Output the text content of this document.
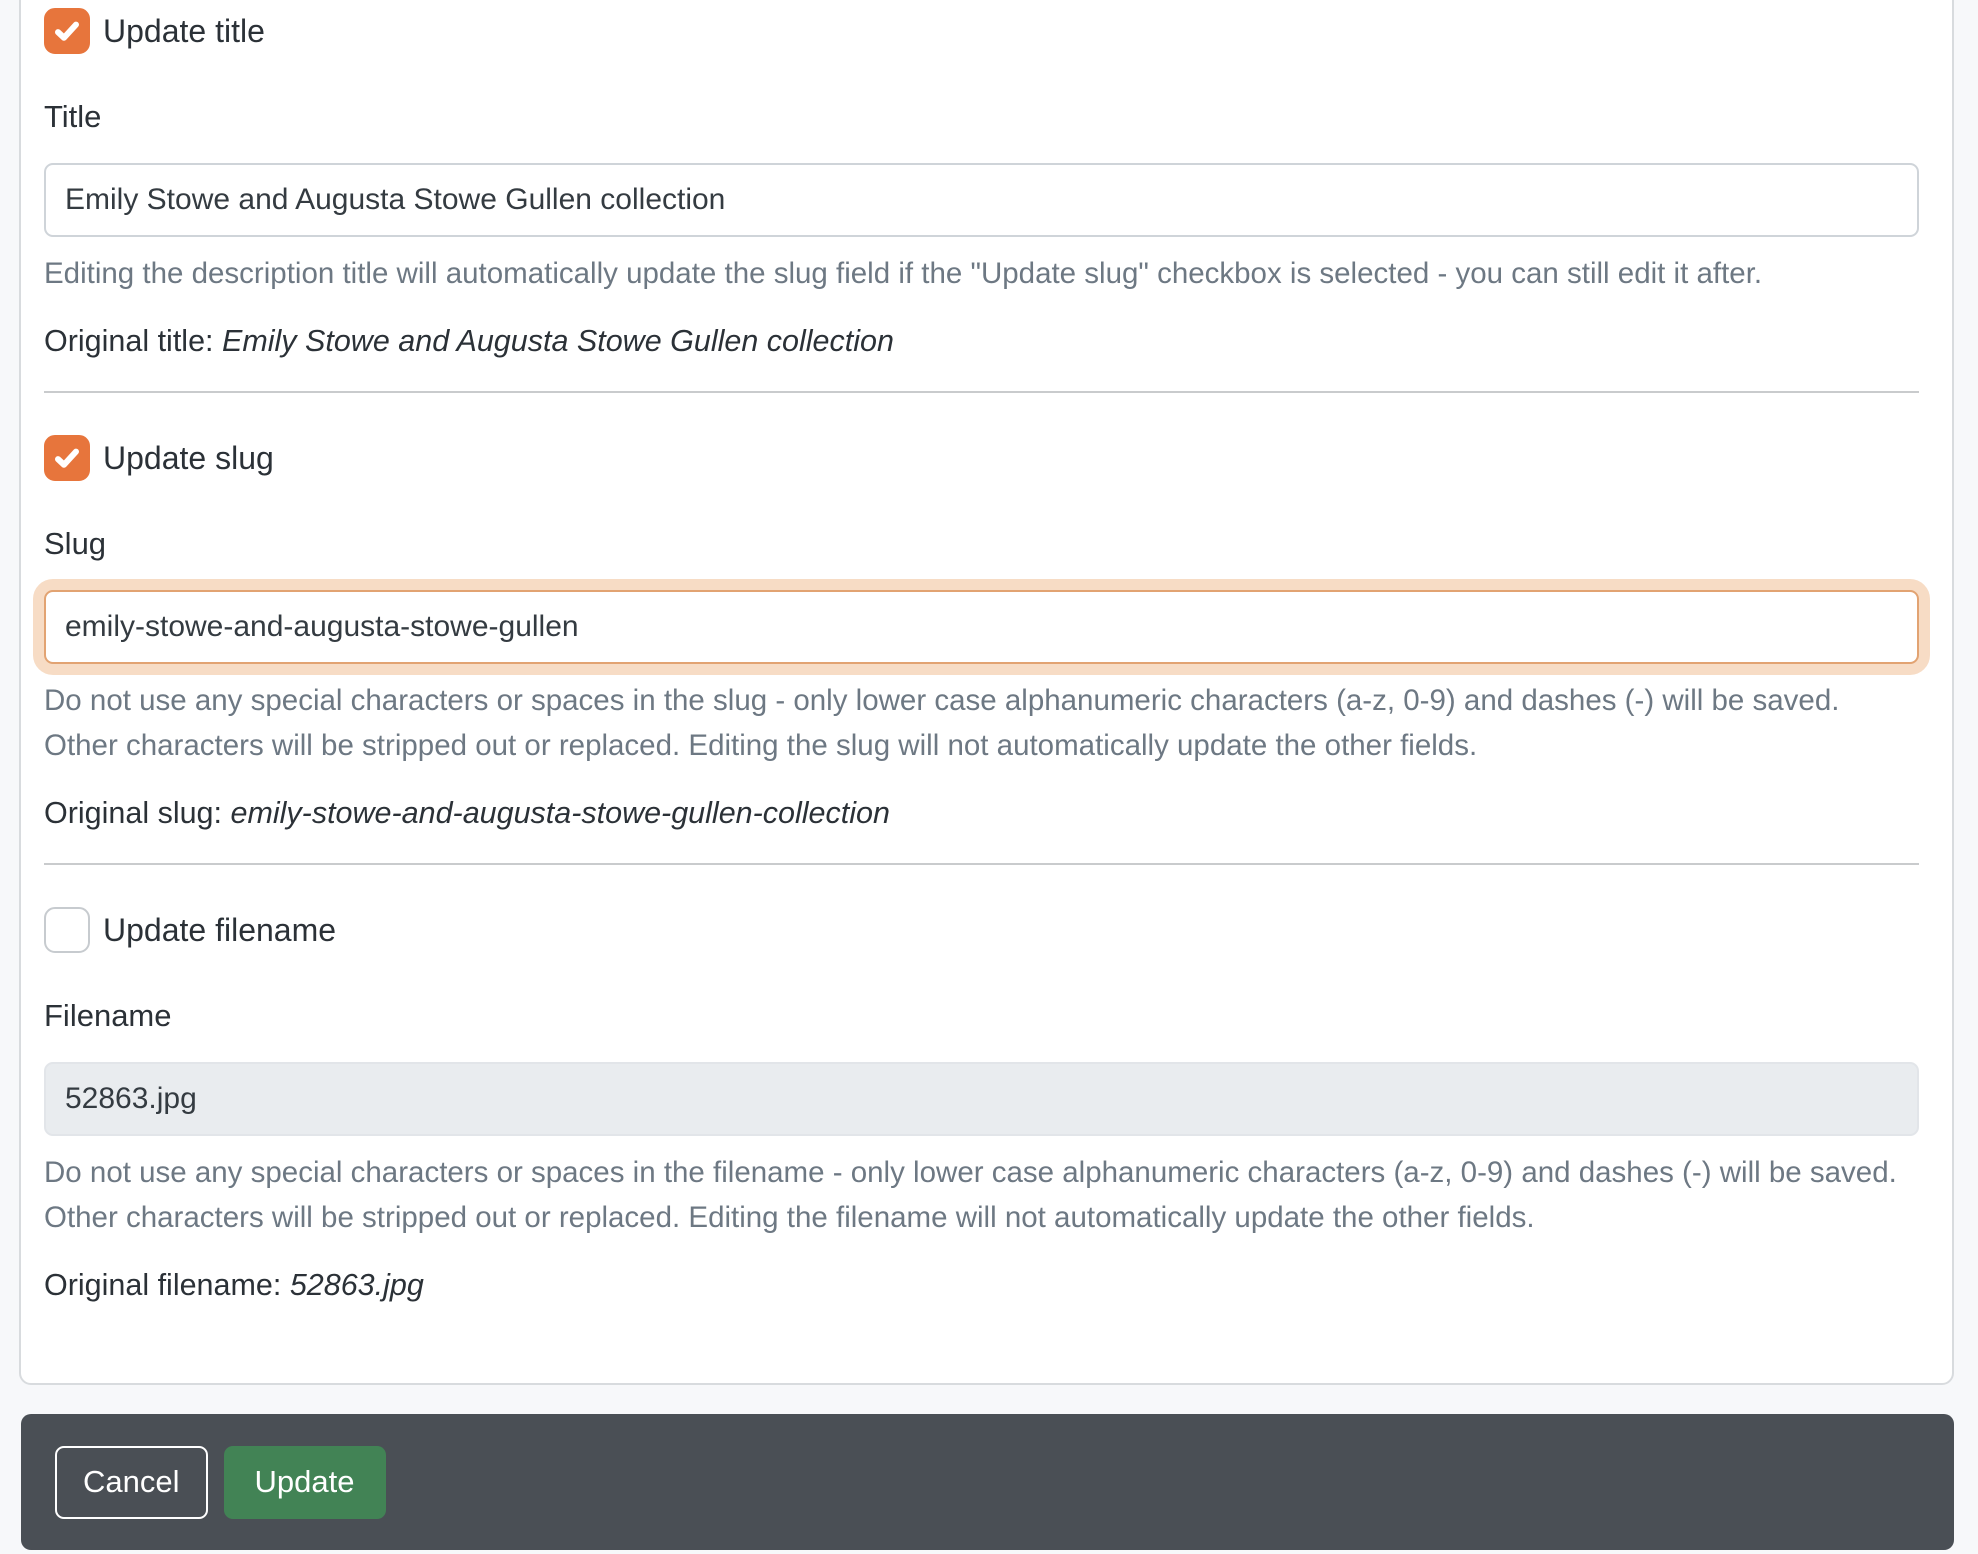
Update title
Title
Emily Stowe and Augusta Stowe Gullen collection
Editing the description title will automatically update the slug field if the "Update slug" checkbox is selected - you can still edit it after.
Original title: Emily Stowe and Augusta Stowe Gullen collection
Update slug
Slug
emily-stowe-and-augusta-stowe-gullen
Do not use any special characters or spaces in the slug - only lower case alphanumeric characters (a-z, 0-9) and dashes (-) will be saved. Other characters will be stripped out or replaced. Editing the slug will not automatically update the other fields.
Original slug: emily-stowe-and-augusta-stowe-gullen-collection
Update filename
Filename
52863.jpg
Do not use any special characters or spaces in the filename - only lower case alphanumeric characters (a-z, 0-9) and dashes (-) will be saved. Other characters will be stripped out or replaced. Editing the filename will not automatically update the other fields.
Original filename: 52863.jpg
Cancel	Update
